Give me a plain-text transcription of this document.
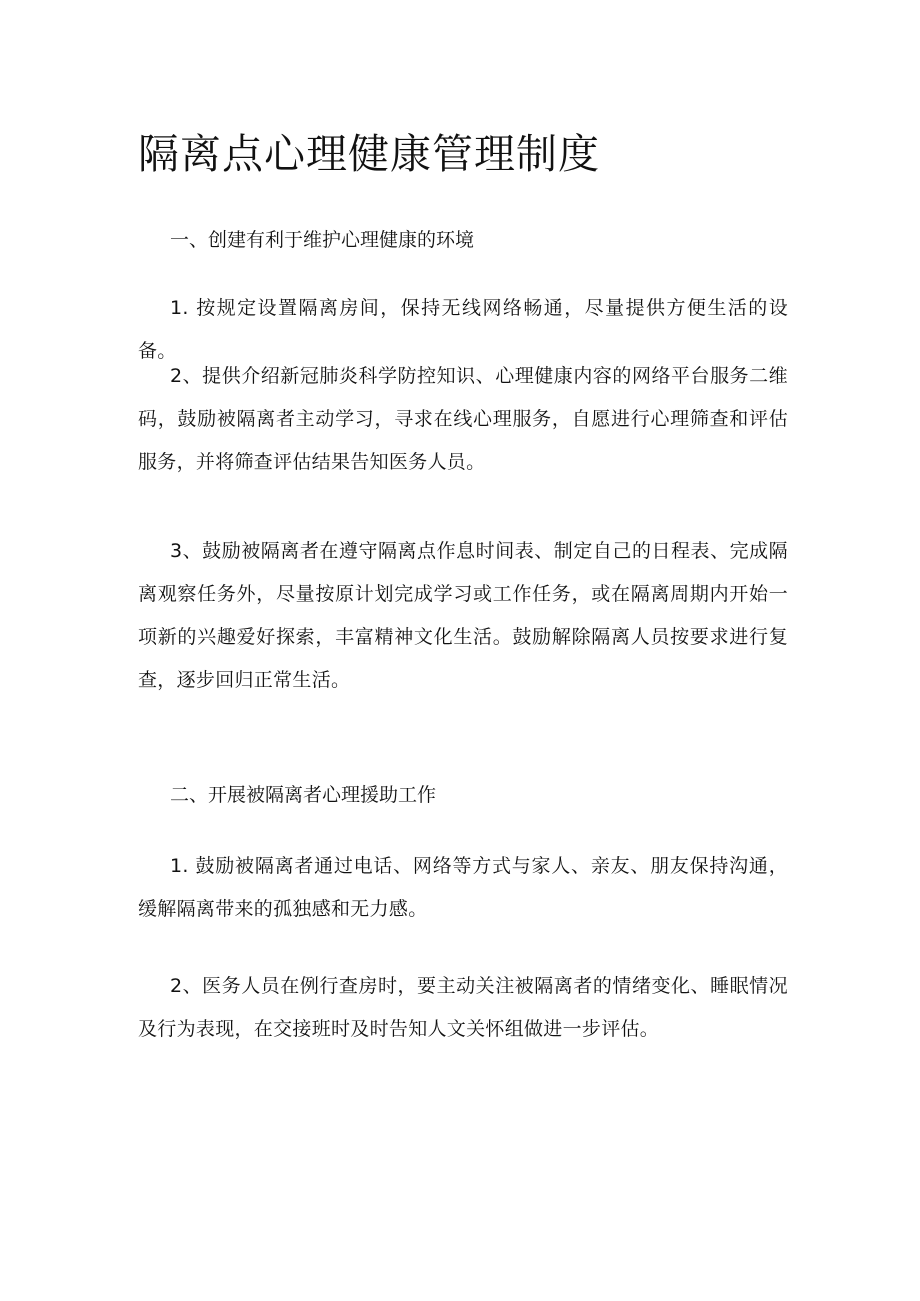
隔离点心理健康管理制度

一、创建有利于维护心理健康的环境

1. 按规定设置隔离房间，保持无线网络畅通，尽量提供方便生活的设备。

2、提供介绍新冠肺炎科学防控知识、心理健康内容的网络平台服务二维码，鼓励被隔离者主动学习，寻求在线心理服务，自愿进行心理筛查和评估服务，并将筛查评估结果告知医务人员。

3、鼓励被隔离者在遵守隔离点作息时间表、制定自己的日程表、完成隔离观察任务外，尽量按原计划完成学习或工作任务，或在隔离周期内开始一项新的兴趣爱好探索，丰富精神文化生活。鼓励解除隔离人员按要求进行复查，逐步回归正常生活。

二、开展被隔离者心理援助工作

1. 鼓励被隔离者通过电话、网络等方式与家人、亲友、朋友保持沟通，缓解隔离带来的孤独感和无力感。

2、医务人员在例行查房时，要主动关注被隔离者的情绪变化、睡眠情况及行为表现，在交接班时及时告知人文关怀组做进一步评估。
